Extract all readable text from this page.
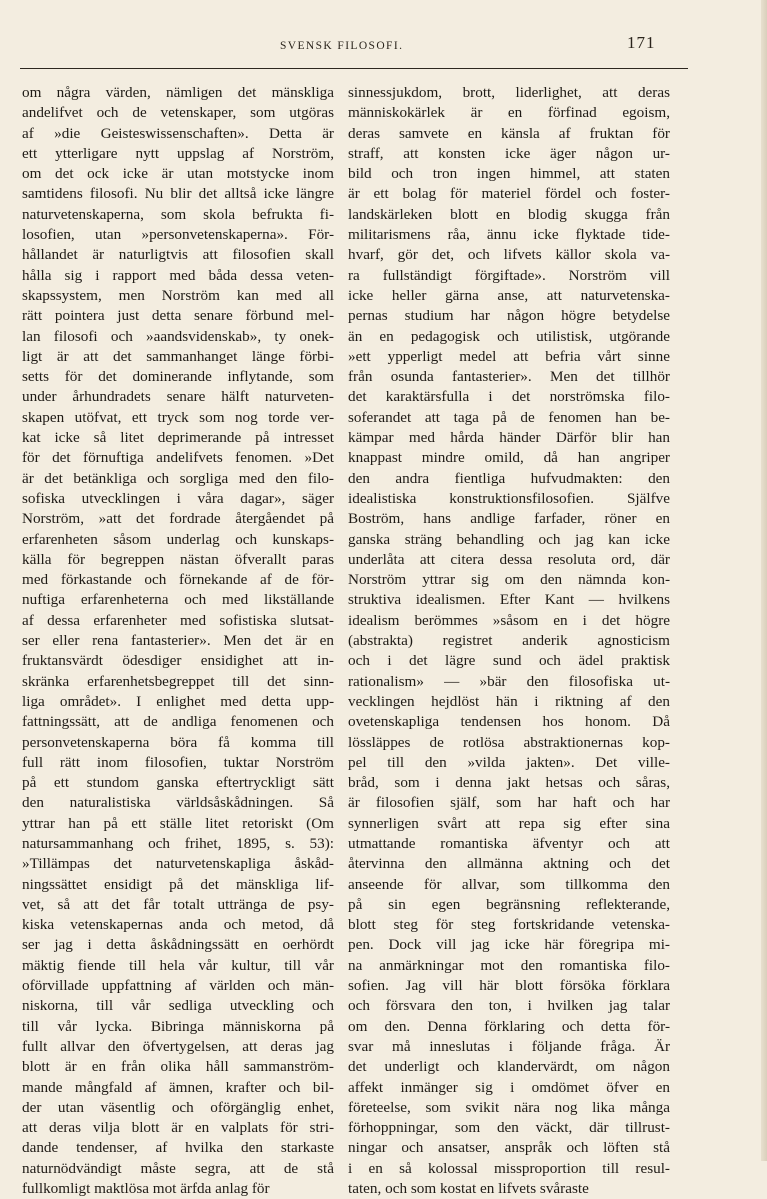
SVENSK FILOSOFI.	171
om några värden, nämligen det mänskliga
andelifvet och de vetenskaper, som utgöras
af »die Geisteswissenschaften». Detta är
ett ytterligare nytt uppslag af Norström,
om det ock icke är utan motstycke inom
samtidens filosofi. Nu blir det alltså icke längre
naturvetenskaperna, som skola befrukta fi-
losofien, utan »personvetenskaperna». För-
hållandet är naturligtvis att filosofien skall
hålla sig i rapport med båda dessa veten-
skapssystem, men Norström kan med all
rätt pointera just detta senare förbund mel-
lan filosofi och »aandsvidenskab», ty onek-
ligt är att det sammanhanget länge förbi-
setts för det dominerande inflytande, som
under århundradets senare hälft naturveten-
skapen utöfvat, ett tryck som nog torde ver-
kat icke så litet deprimerande på intresset
för det förnuftiga andelifvets fenomen. »Det
är det betänkliga och sorgliga med den filo-
sofiska utvecklingen i våra dagar», säger
Norström, »att det fordrade återgåendet på
erfarenheten såsom underlag och kunskaps-
källa för begreppen nästan öfverallt paras
med förkastande och förnekande af de för-
nuftiga erfarenheterna och med likställande
af dessa erfarenheter med sofistiska slutsat-
ser eller rena fantasterier». Men det är en
fruktansvärdt ödesdiger ensidighet att in-
skränka erfarenhetsbegreppet till det sinn-
liga området». I enlighet med detta upp-
fattningssätt, att de andliga fenomenen och
personvetenskaperna böra få komma till
full rätt inom filosofien, tuktar Norström
på ett stundom ganska eftertryckligt sätt
den naturalistiska världsåskådningen. Så
yttrar han på ett ställe litet retoriskt (Om
natursammanhang och frihet, 1895, s. 53):
»Tillämpas det naturvetenskapliga åskåd-
ningssättet ensidigt på det mänskliga lif-
vet, så att det får totalt uttränga de psy-
kiska vetenskapernas anda och metod, då
ser jag i detta åskådningssätt en oerhördt
mäktig fiende till hela vår kultur, till vår
oförvillade uppfattning af världen och män-
niskorna, till vår sedliga utveckling och
till vår lycka. Bibringa människorna på
fullt allvar den öfvertygelsen, att deras jag
blott är en från olika håll sammanström-
mande mångfald af ämnen, krafter och bil-
der utan väsentlig och oförgänglig enhet,
att deras vilja blott är en valplats för stri-
dande tendenser, af hvilka den starkaste
naturnödvändigt måste segra, att de stå
fullkomligt maktlösa mot ärfda anlag för
sinnessjukdom, brott, liderlighet, att deras
människokärlek är en förfinad egoism,
deras samvete en känsla af fruktan för
straff, att konsten icke äger någon ur-
bild och tron ingen himmel, att staten
är ett bolag för materiel fördel och foster-
landskärleken blott en blodig skugga från
militarismens råa, ännu icke flyktade tide-
hvarf, gör det, och lifvets källor skola va-
ra fullständigt förgiftade». Norström vill
icke heller gärna anse, att naturvetenska-
pernas studium har någon högre betydelse
än en pedagogisk och utilistisk, utgörande
»ett ypperligt medel att befria vårt sinne
från osunda fantasterier». Men det tillhör
det karaktärsfulla i det norströmska filo-
soferandet att taga på de fenomen han be-
kämpar med hårda händer Därför blir han
knappast mindre omild, då han angriper
den andra fientliga hufvudmakten: den
idealistiska konstruktionsfilosofien. Själfve
Boström, hans andlige farfader, röner en
ganska sträng behandling och jag kan icke
underlåta att citera dessa resoluta ord, där
Norström yttrar sig om den nämnda kon-
struktiva idealismen. Efter Kant — hvilkens
idealism berömmes »såsom en i det högre
(abstrakta) registret anderik agnosticism
och i det lägre sund och ädel praktisk
rationalism» — »bär den filosofiska ut-
vecklingen hejdlöst hän i riktning af den
ovetenskapliga tendensen hos honom. Då
lössläppes de rotlösa abstraktionernas kop-
pel till den »vilda jakten». Det ville-
bråd, som i denna jakt hetsas och såras,
är filosofien själf, som har haft och har
synnerligen svårt att repa sig efter sina
utmattande romantiska äfventyr och att
återvinna den allmänna aktning och det
anseende för allvar, som tillkomma den
på sin egen begränsning reflekterande,
blott steg för steg fortskridande vetenska-
pen. Dock vill jag icke här föregripa mi-
na anmärkningar mot den romantiska filo-
sofien. Jag vill här blott försöka förklara
och försvara den ton, i hvilken jag talar
om den. Denna förklaring och detta för-
svar må inneslutas i följande fråga. Är
det underligt och klandervärdt, om någon
affekt inmänger sig i omdömet öfver en
företeelse, som svikit nära nog lika många
förhoppningar, som den väckt, där tillrust-
ningar och ansatser, anspråk och löften stå
i en så kolossal missproportion till resul-
taten, och som kostat en lifvets svåraste
